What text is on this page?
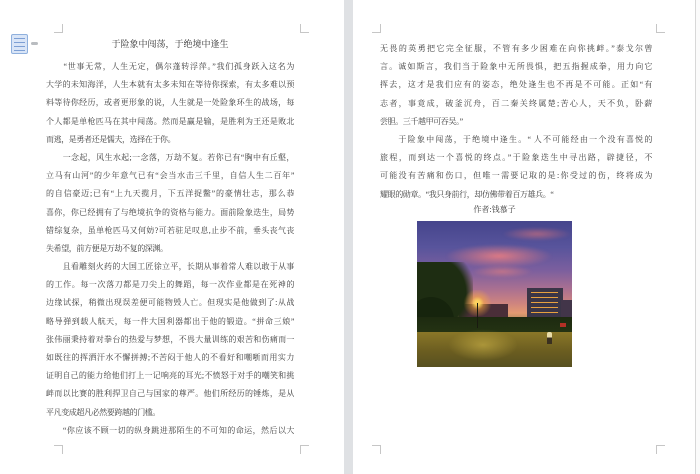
于险象中闯荡，于绝境中逢生
　　“世事无常，人生无定，偶尔蓬转浮萍。”我们孤身跃入这名为
大学的未知海洋，人生本就有太多未知在等待你探索，有太多难以预
料等待你经历，或者更形象的说，人生就是一处险象环生的战场，每
个人都是单枪匹马在其中闯荡。然而是赢是输，是胜利为王还是败北
而逃，是勇者还是懦夫，选择在于你。
　　一念起，风生水起;一念落，万劫不复。若你已有“胸中有丘壑，
立马有山河”的少年意气已有“会当水击三千里，自信人生二百年”
的自信豪迈;已有“上九天揽月，下五洋捉鳖”的豪情壮志，那么恭
喜你，你已经拥有了与绝境抗争的资格与能力。面前险象迭生，局势
错综复杂，虽单枪匹马又何妨?可若驻足叹息,止步不前，垂头丧气丧
失希望，前方便是万劫不复的深渊。
　　且看雕刻火药的大国工匠徐立平，长期从事着常人难以敢于从事
的工作。每一次落刀都是刀尖上的舞蹈，每一次作业都是在死神的
边缘试探，稍微出现误差便可能物毁人亡。但现实是他做到了:从战
略导弹到载人航天，每一件大国利器都出于他的锻造。“拼命三娘”
张伟丽秉持着对拳台的热爱与梦想，不畏大量训练的艰苦和伤痛而一
如既往的挥洒汗水不懈拼搏;不苦闷于他人的不看好和嘲哳而用实力
证明自己的能力给他们打上一记响亮的耳光;不愤怒于对手的嘲笑和挑
衅而以比赛的胜利捍卫自己与国家的尊严。他们所经历的锤炼，是从
平凡变成超凡必然要跨越的门槛。
　　“你应该不顾一切的纵身跳进那陌生的不可知的命运，然后以大
无畏的英勇把它完全征服，不管有多少困难在向你挑衅。”泰戈尔曾
言。诚如斯言，我们当于险象中无所畏惧，把五指握成拳，用力向它
挥去，这才是我们应有的姿态，绝处逢生也不再是不可能。正如“有
志者，事竟成，破釜沉舟，百二秦关终属楚;苦心人，天不负，卧薪
尝胆。三千越甲可吞吴。”
　　于险象中闯荡，于绝境中逢生。“ 人不可能经由一个没有喜悦的
旅程，而到达一个喜悦的终点。”于险象迭生中寻出路，辟捷径，不
可能没有苦痛和伤口，但唯一需要记取的是:你受过的伤，终将成为
耀眼的勋章。“我只身前行，却仿佛带着百万雄兵。“
作者:钱慕子
